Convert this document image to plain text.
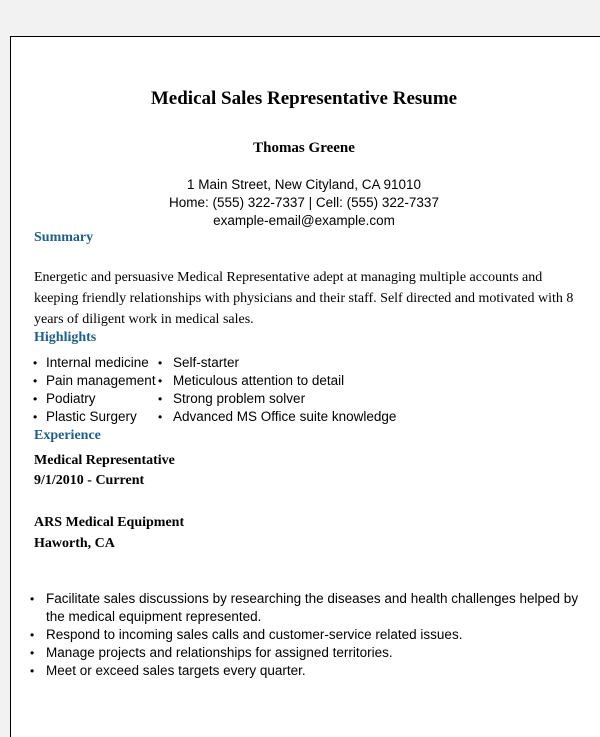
Medical Sales Representative Resume
Thomas Greene
1 Main Street, New Cityland, CA 91010
Home: (555) 322-7337 | Cell: (555) 322-7337
example-email@example.com
Summary
Energetic and persuasive Medical Representative adept at managing multiple accounts and keeping friendly relationships with physicians and their staff. Self directed and motivated with 8 years of diligent work in medical sales.
Highlights
• Internal medicine • Self-starter
• Pain management • Meticulous attention to detail
• Podiatry	• Strong problem solver
• Plastic Surgery • Advanced MS Office suite knowledge
Experience
Medical Representative
9/1/2010 - Current
ARS Medical Equipment
Haworth, CA
• Facilitate sales discussions by researching the diseases and health challenges helped by the medical equipment represented.
• Respond to incoming sales calls and customer-service related issues.
• Manage projects and relationships for assigned territories.
• Meet or exceed sales targets every quarter.
